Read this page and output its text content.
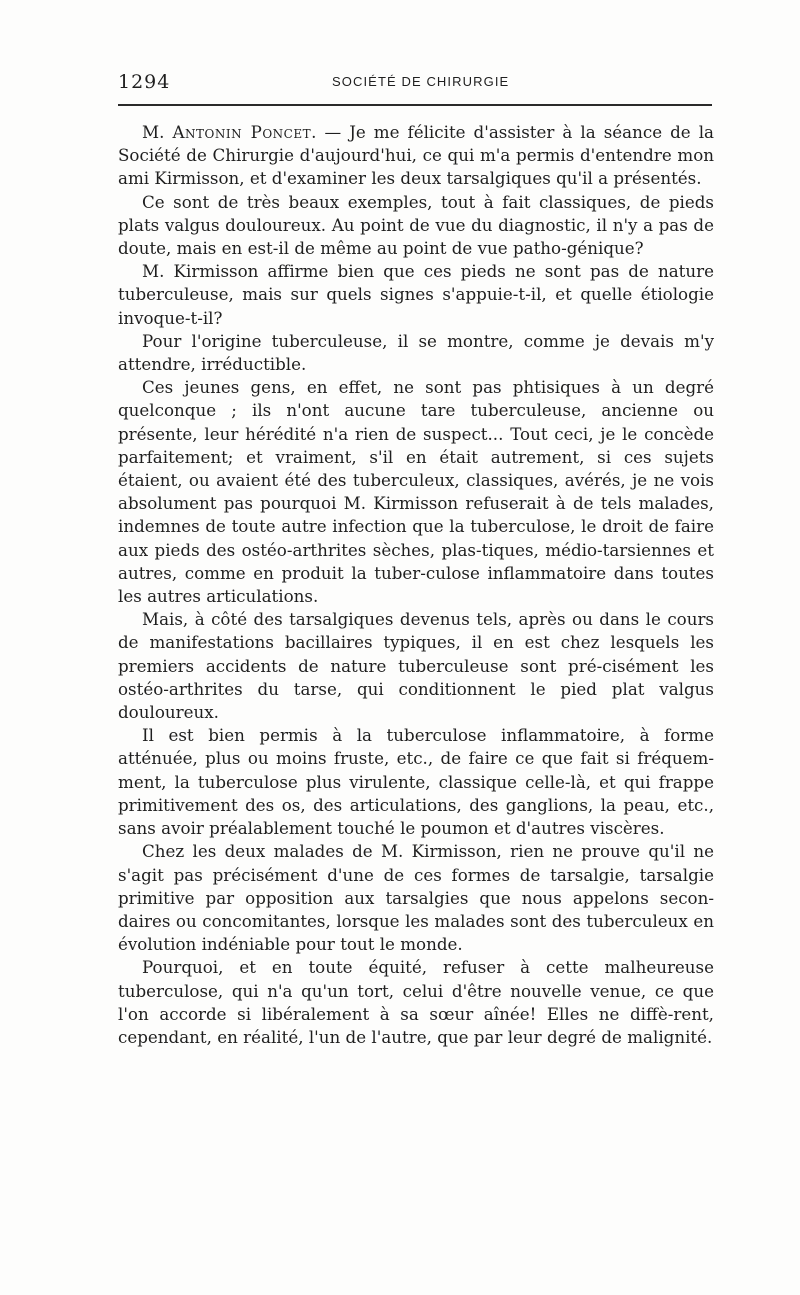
1294	SOCIÉTÉ DE CHIRURGIE

M. Antonin Poncet. — Je me félicite d'assister à la séance de la Société de Chirurgie d'aujourd'hui, ce qui m'a permis d'entendre mon ami Kirmisson, et d'examiner les deux tarsalgiques qu'il a présentés.

Ce sont de très beaux exemples, tout à fait classiques, de pieds plats valgus douloureux. Au point de vue du diagnostic, il n'y a pas de doute, mais en est-il de même au point de vue patho-génique?

M. Kirmisson affirme bien que ces pieds ne sont pas de nature tuberculeuse, mais sur quels signes s'appuie-t-il, et quelle étiologie invoque-t-il?

Pour l'origine tuberculeuse, il se montre, comme je devais m'y attendre, irréductible.

Ces jeunes gens, en effet, ne sont pas phtisiques à un degré quelconque ; ils n'ont aucune tare tuberculeuse, ancienne ou présente, leur hérédité n'a rien de suspect... Tout ceci, je le concède parfaitement; et vraiment, s'il en était autrement, si ces sujets étaient, ou avaient été des tuberculeux, classiques, avérés, je ne vois absolument pas pourquoi M. Kirmisson refuserait à de tels malades, indemnes de toute autre infection que la tuberculose, le droit de faire aux pieds des ostéo-arthrites sèches, plas-tiques, médio-tarsiennes et autres, comme en produit la tuber-culose inflammatoire dans toutes les autres articulations.

Mais, à côté des tarsalgiques devenus tels, après ou dans le cours de manifestations bacillaires typiques, il en est chez lesquels les premiers accidents de nature tuberculeuse sont pré-cisément les ostéo-arthrites du tarse, qui conditionnent le pied plat valgus douloureux.

Il est bien permis à la tuberculose inflammatoire, à forme atténuée, plus ou moins fruste, etc., de faire ce que fait si fréquem-ment, la tuberculose plus virulente, classique celle-là, et qui frappe primitivement des os, des articulations, des ganglions, la peau, etc., sans avoir préalablement touché le poumon et d'autres viscères.

Chez les deux malades de M. Kirmisson, rien ne prouve qu'il ne s'agit pas précisément d'une de ces formes de tarsalgie, tarsalgie primitive par opposition aux tarsalgies que nous appelons secon-daires ou concomitantes, lorsque les malades sont des tuberculeux en évolution indéniable pour tout le monde.

Pourquoi, et en toute équité, refuser à cette malheureuse tuberculose, qui n'a qu'un tort, celui d'être nouvelle venue, ce que l'on accorde si libéralement à sa sœur aînée! Elles ne diffè-rent, cependant, en réalité, l'un de l'autre, que par leur degré de malignité.
